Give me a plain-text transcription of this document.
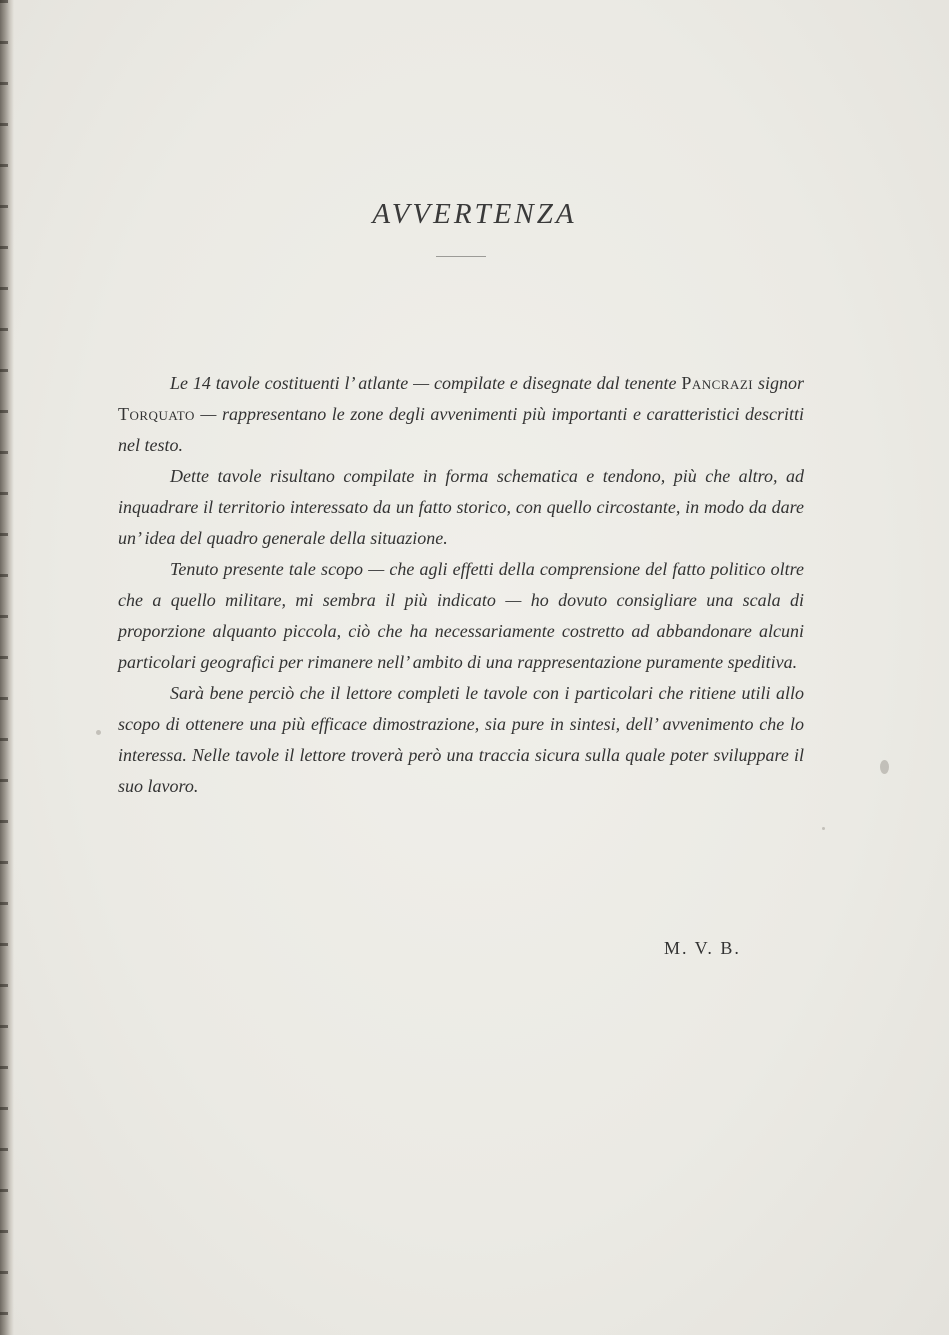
AVVERTENZA

Le 14 tavole costituenti l’ atlante — compilate e disegnate dal tenente Pancrazi signor Torquato — rappresentano le zone degli avvenimenti più importanti e caratteristici descritti nel testo.

Dette tavole risultano compilate in forma schematica e tendono, più che altro, ad inquadrare il territorio interessato da un fatto storico, con quello circostante, in modo da dare un’ idea del quadro generale della situazione.

Tenuto presente tale scopo — che agli effetti della comprensione del fatto politico oltre che a quello militare, mi sembra il più indicato — ho dovuto consigliare una scala di proporzione alquanto piccola, ciò che ha necessariamente costretto ad abbandonare alcuni particolari geografici per rimanere nell’ ambito di una rappresentazione puramente speditiva.

Sarà bene perciò che il lettore completi le tavole con i particolari che ritiene utili allo scopo di ottenere una più efficace dimostrazione, sia pure in sintesi, dell’ avvenimento che lo interessa. Nelle tavole il lettore troverà però una traccia sicura sulla quale poter sviluppare il suo lavoro.

M. V. B.
